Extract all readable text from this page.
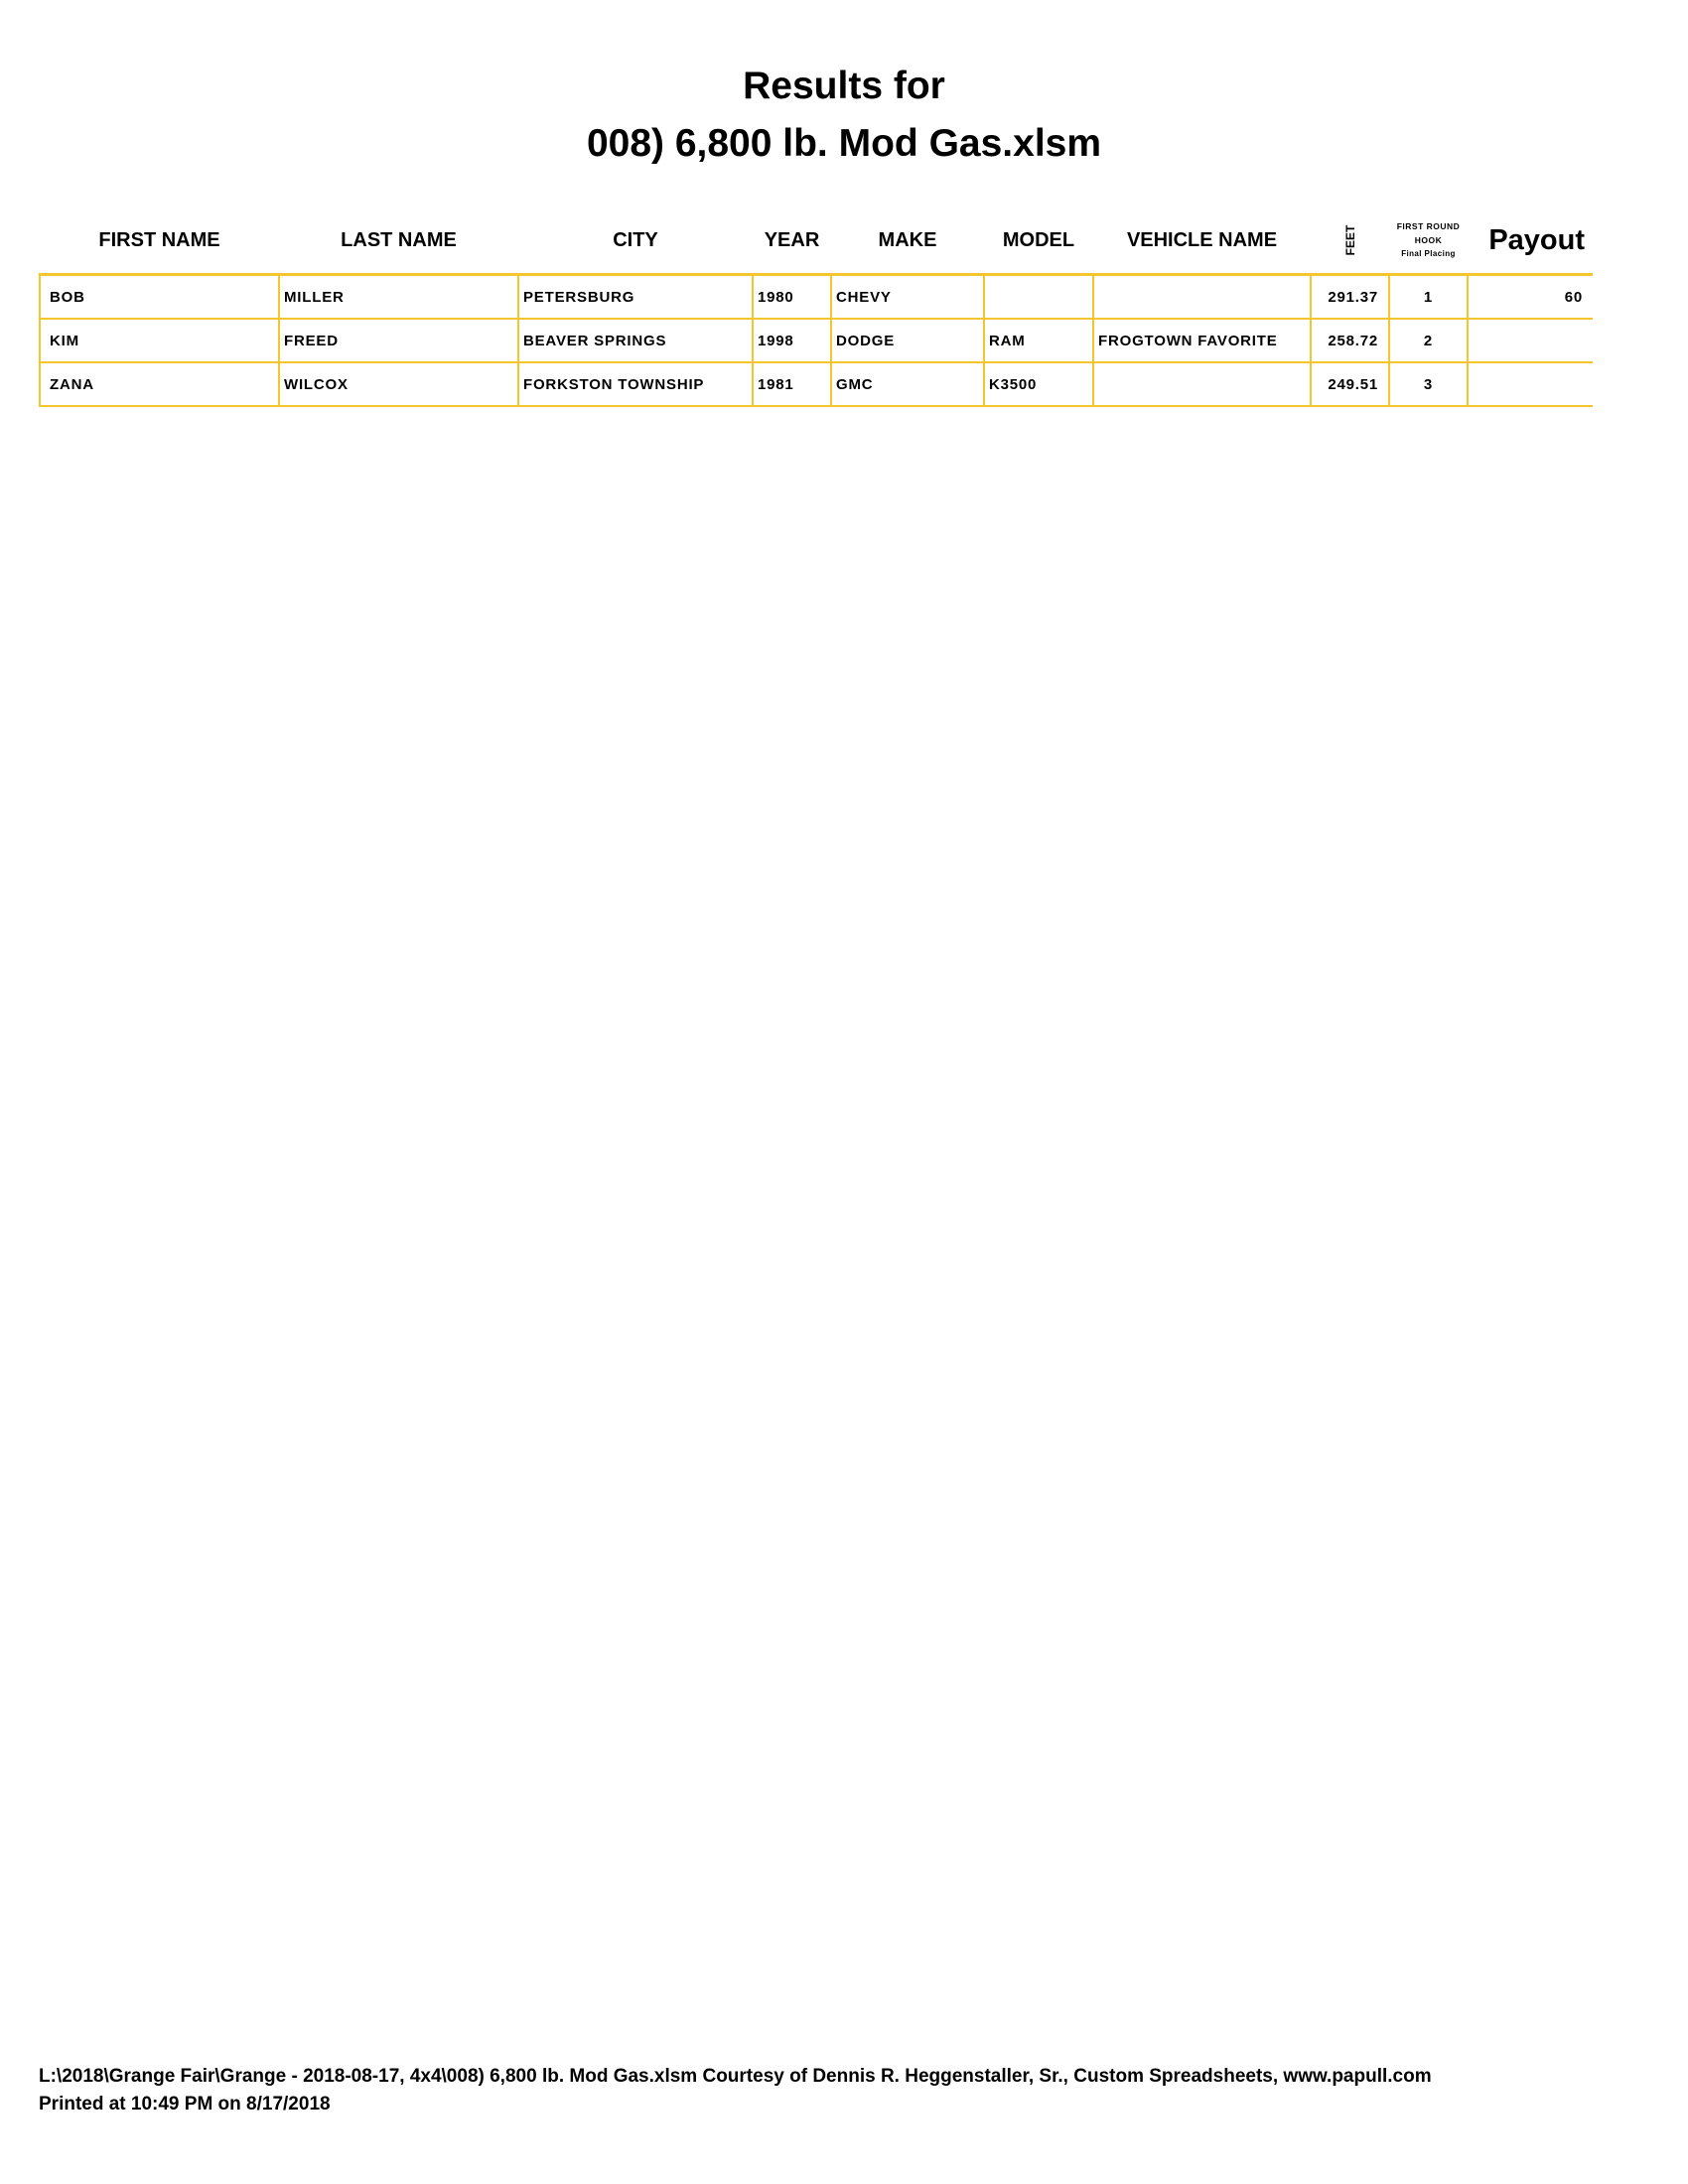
Results for
008) 6,800 lb. Mod Gas.xlsm
FIRST NAME	LAST NAME	CITY	YEAR	MAKE	MODEL	VEHICLE NAME	FEET	FIRST ROUND
HOOK
Final Placing	Payout
BOB	MILLER	PETERSBURG	1980	CHEVY			291.37	1	60
KIM	FREED	BEAVER SPRINGS	1998	DODGE	RAM	FROGTOWN FAVORITE	258.72	2	
ZANA	WILCOX	FORKSTON TOWNSHIP	1981	GMC	K3500		249.51	3	
L:\2018\Grange Fair\Grange - 2018-08-17, 4x4\008) 6,800 lb. Mod Gas.xlsm Courtesy of Dennis R. Heggenstaller, Sr., Custom Spreadsheets, www.papull.com
Printed at 10:49 PM on 8/17/2018
